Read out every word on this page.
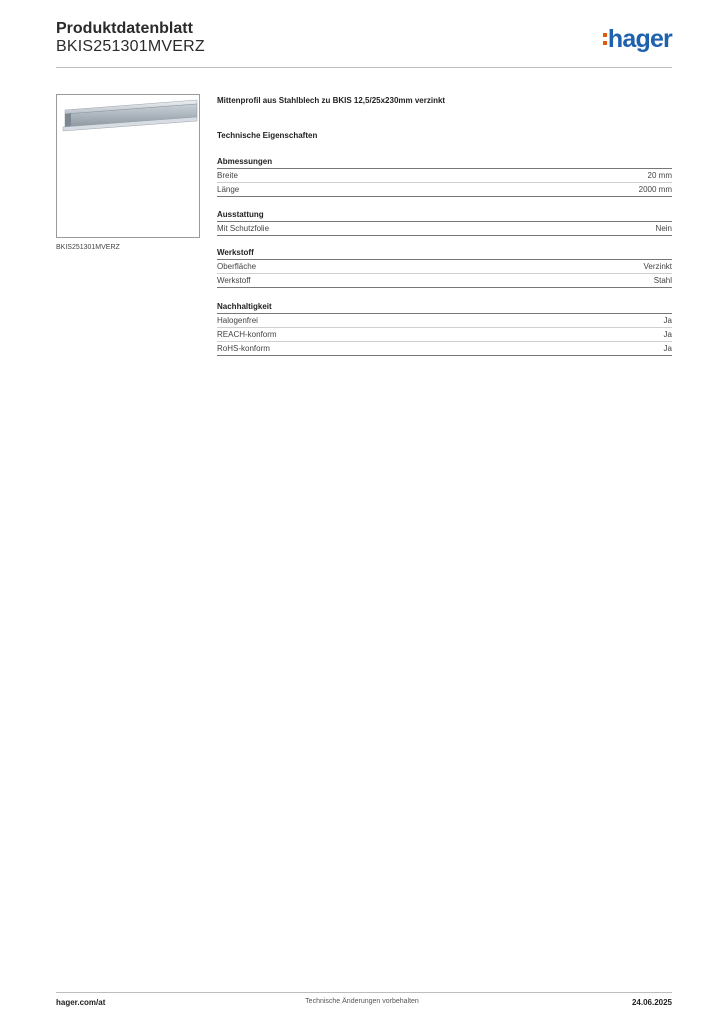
Produktdatenblatt
BKIS251301MVERZ	hager
BKIS251301MVERZ
Mittenprofil aus Stahlblech zu BKIS 12,5/25x230mm verzinkt
Technische Eigenschaften
Abmessungen
Breite	20 mm
Länge	2000 mm
Ausstattung
Mit Schutzfolie	Nein
Werkstoff
Oberfläche	Verzinkt
Werkstoff	Stahl
Nachhaltigkeit
Halogenfrei	Ja
REACH-konform	Ja
RoHS-konform	Ja
hager.com/at	Technische Änderungen vorbehalten	24.06.2025
